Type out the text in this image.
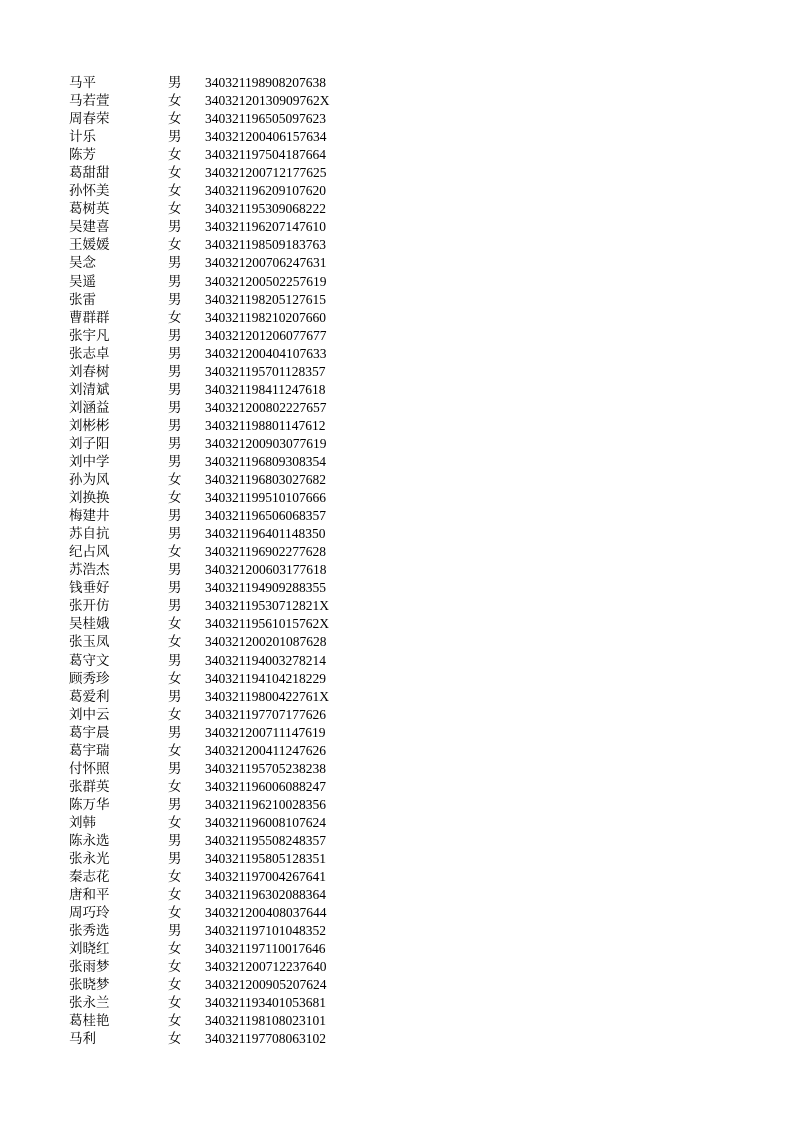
马平	男 340321198908207638
马若萱	女 34032120130909762X
周春荣	女 340321196505097623
计乐	男 340321200406157634
陈芳	女 340321197504187664
葛甜甜	女 340321200712177625
孙怀美	女 340321196209107620
葛树英	女 340321195309068222
吴建喜	男 340321196207147610
王媛媛	女 340321198509183763
吴念	男 340321200706247631
吴遥	男 340321200502257619
张雷	男 340321198205127615
曹群群	女 340321198210207660
张宇凡	男 340321201206077677
张志卓	男 340321200404107633
刘春树	男 340321195701128357
刘清斌	男 340321198411247618
刘涵益	男 340321200802227657
刘彬彬	男 340321198801147612
刘子阳	男 340321200903077619
刘中学	男 340321196809308354
孙为风	女 340321196803027682
刘换换	女 340321199510107666
梅建井	男 340321196506068357
苏自抗	男 340321196401148350
纪占风	女 340321196902277628
苏浩杰	男 340321200603177618
钱垂好	男 340321194909288355
张开仿	男 34032119530712821X
吴桂娥	女 34032119561015762X
张玉凤	女 340321200201087628
葛守文	男 340321194003278214
顾秀珍	女 340321194104218229
葛爱利	男 34032119800422761X
刘中云	女 340321197707177626
葛宇晨	男 340321200711147619
葛宇瑞	女 340321200411247626
付怀照	男 340321195705238238
张群英	女 340321196006088247
陈万华	男 340321196210028356
刘韩	女 340321196008107624
陈永选	男 340321195508248357
张永光	男 340321195805128351
秦志花	女 340321197004267641
唐和平	女 340321196302088364
周巧玲	女 340321200408037644
张秀选	男 340321197101048352
刘晓红	女 340321197110017646
张雨梦	女 340321200712237640
张晓梦	女 340321200905207624
张永兰	女 340321193401053681
葛桂艳	女 340321198108023101
马利	女 340321197708063102
